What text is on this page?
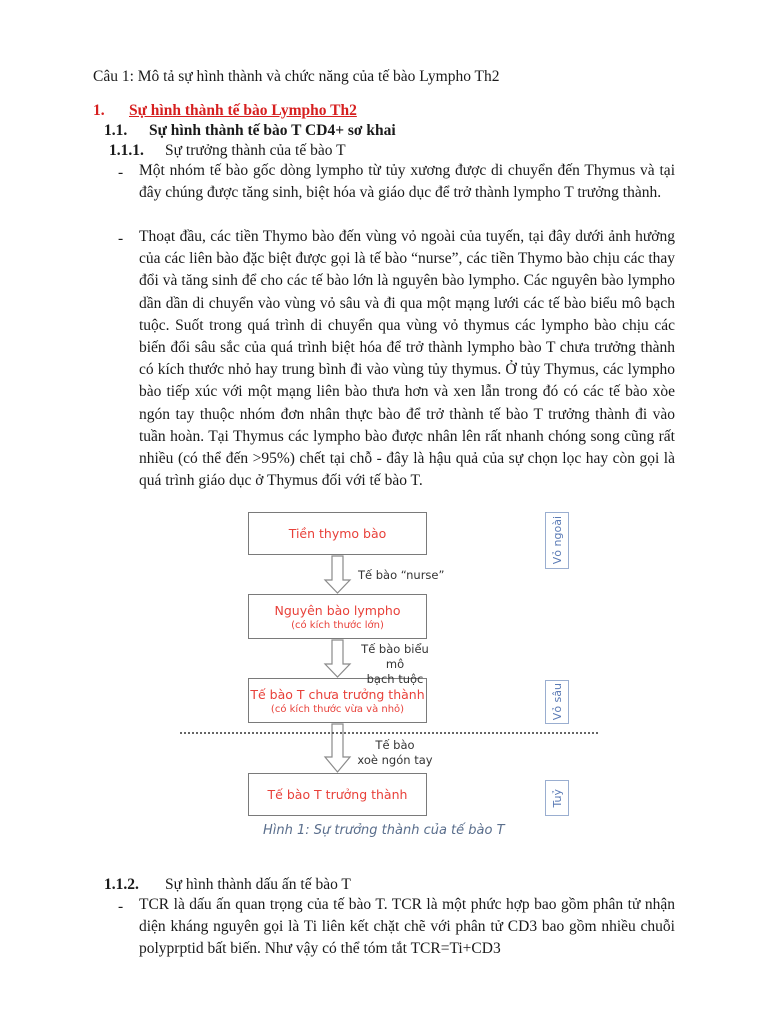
Câu 1: Mô tả sự hình thành và chức năng của tế bào Lympho Th2
1. Sự hình thành tế bào Lympho Th2
1.1. Sự hình thành tế bào T CD4+ sơ khai
1.1.1. Sự trưởng thành của tế bào T
- Một nhóm tế bào gốc dòng lympho từ tủy xương được di chuyển đến Thymus và tại đây chúng được tăng sinh, biệt hóa và giáo dục để trở thành lympho T trưởng thành.

- Thoạt đầu, các tiền Thymo bào đến vùng vỏ ngoài của tuyến, tại đây dưới ảnh hưởng của các liên bào đặc biệt được gọi là tế bào “nurse”, các tiền Thymo bào chịu các thay đổi và tăng sinh để cho các tế bào lớn là nguyên bào lympho. Các nguyên bào lympho dần dần di chuyển vào vùng vỏ sâu và đi qua một mạng lưới các tế bào biểu mô bạch tuộc. Suốt trong quá trình di chuyển qua vùng vỏ thymus các lympho bào chịu các biến đổi sâu sắc của quá trình biệt hóa để trở thành lympho bào T chưa trưởng thành có kích thước nhỏ hay trung bình đi vào vùng tủy thymus. Ở tủy Thymus, các lympho bào tiếp xúc với một mạng liên bào thưa hơn và xen lẫn trong đó có các tế bào xòe ngón tay thuộc nhóm đơn nhân thực bào để trở thành tế bào T trưởng thành đi vào tuần hoàn. Tại Thymus các lympho bào được nhân lên rất nhanh chóng song cũng rất nhiều (có thể đến >95%) chết tại chỗ - đây là hậu quả của sự chọn lọc hay còn gọi là quá trình giáo dục ở Thymus đối với tế bào T.

Tiền thymo bào
Nguyên bào lympho
(có kích thước lớn)
Tế bào T chưa trưởng thành
(có kích thước vừa và nhỏ)
Tế bào T trưởng thành
Vỏ ngoài
Vỏ sâu
Tuỷ
Tế bào “nurse”
Tế bào biểu mô
bạch tuộc
Tế bào
xoè ngón tay
Hình 1: Sự trưởng thành của tế bào T
1.1.2. Sự hình thành dấu ấn tế bào T
- TCR là dấu ấn quan trọng của tế bào T. TCR là một phức hợp bao gồm phân tử nhận diện kháng nguyên gọi là Ti liên kết chặt chẽ với phân tử CD3 bao gồm nhiều chuỗi polyprptid bất biến. Như vậy có thể tóm tắt TCR=Ti+CD3
